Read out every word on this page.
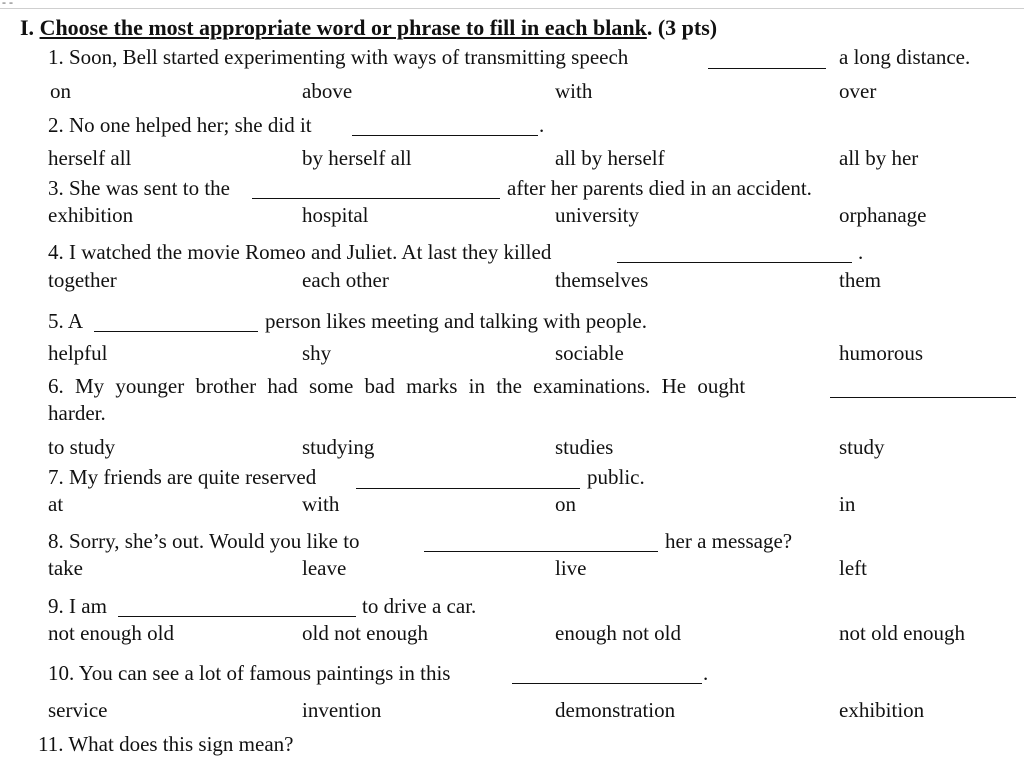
- -
I. Choose the most appropriate word or phrase to fill in each blank. (3 pts)
1. Soon, Bell started experimenting with ways of transmitting speech	a long distance.
on	above	with	over
2. No one helped her; she did it	.
herself all	by herself all	all by herself	all by her
3. She was sent to the	after her parents died in an accident.
exhibition	hospital	university	orphanage
4. I watched the movie Romeo and Juliet. At last they killed	.
together	each other	themselves	them
5. A	person likes meeting and talking with people.
helpful	shy	sociable	humorous
6. My younger brother had some bad marks in the examinations. He ought
harder.
to study	studying	studies	study
7. My friends are quite reserved	public.
at	with	on	in
8. Sorry, she’s out. Would you like to	her a message?
take	leave	live	left
9. I am	to drive a car.
not enough old	old not enough	enough not old	not old enough
10. You can see a lot of famous paintings in this	.
service	invention	demonstration	exhibition
11. What does this sign mean?
